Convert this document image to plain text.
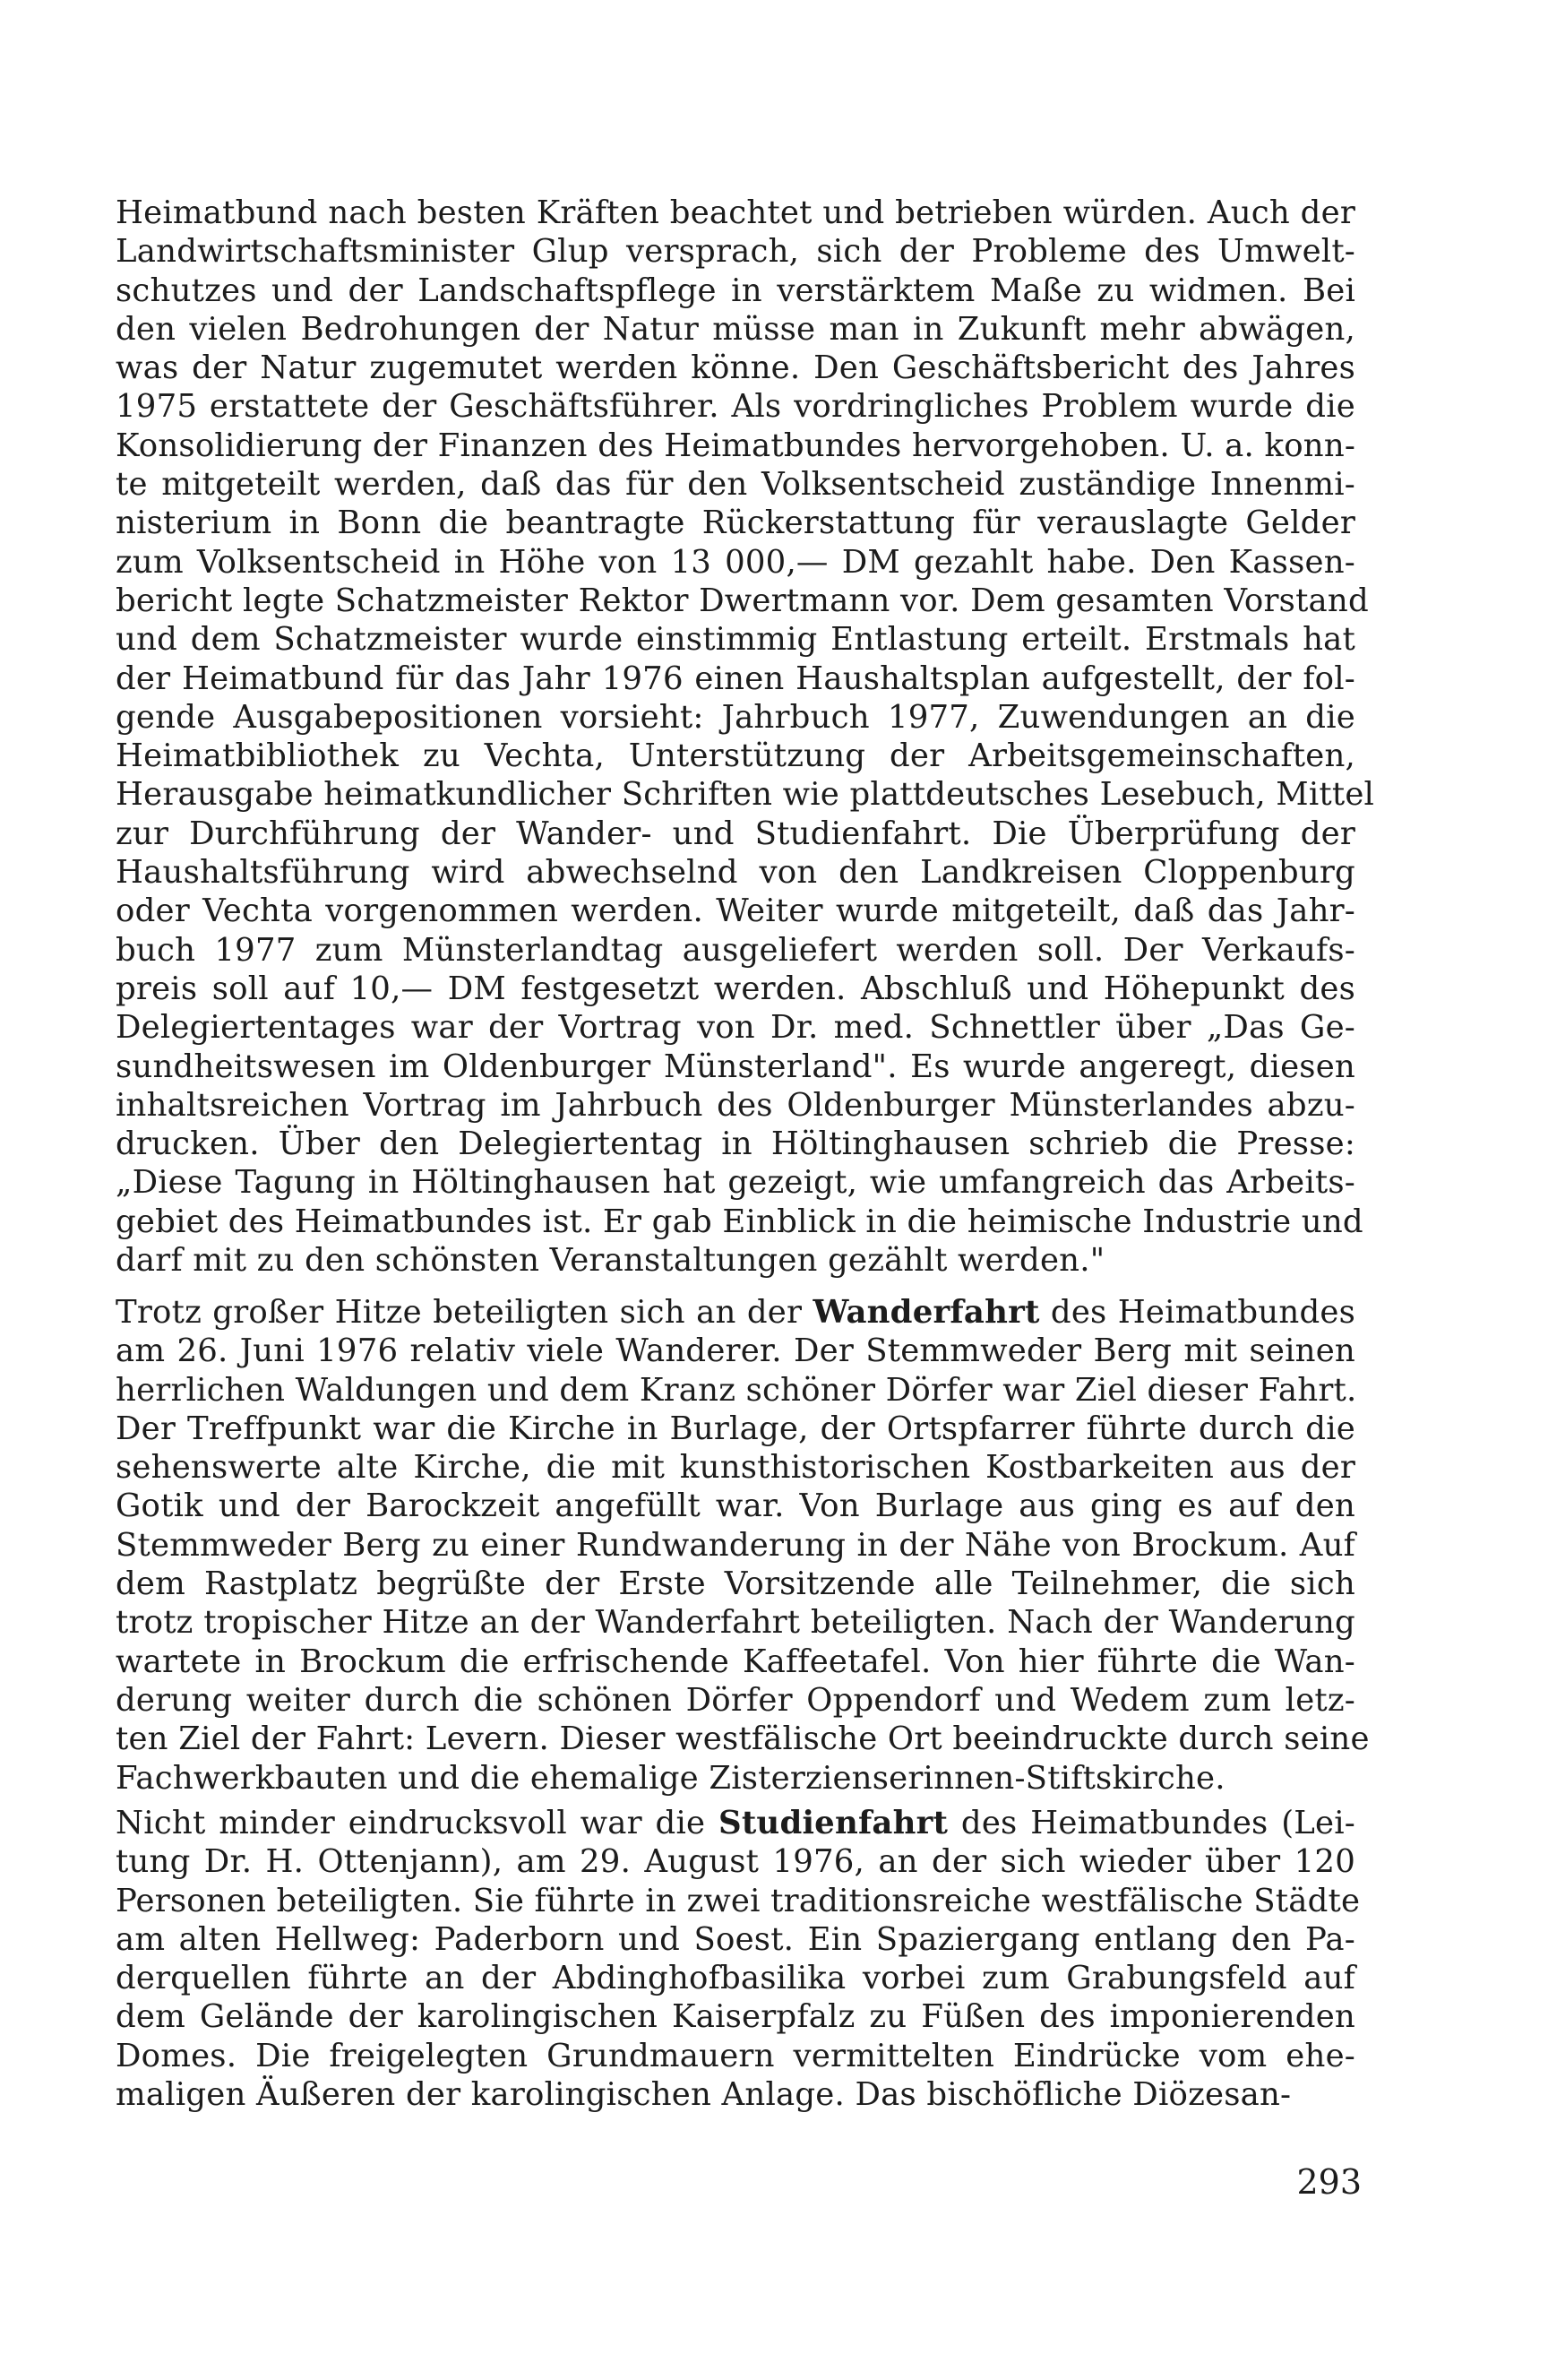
Heimatbund nach besten Kräften beachtet und betrieben würden. Auch der
Landwirtschaftsminister Glup versprach, sich der Probleme des Umwelt-
schutzes und der Landschaftspflege in verstärktem Maße zu widmen. Bei
den vielen Bedrohungen der Natur müsse man in Zukunft mehr abwägen,
was der Natur zugemutet werden könne. Den Geschäftsbericht des Jahres
1975 erstattete der Geschäftsführer. Als vordringliches Problem wurde die
Konsolidierung der Finanzen des Heimatbundes hervorgehoben. U. a. konn-
te mitgeteilt werden, daß das für den Volksentscheid zuständige Innenmi-
nisterium in Bonn die beantragte Rückerstattung für verauslagte Gelder
zum Volksentscheid in Höhe von 13 000,— DM gezahlt habe. Den Kassen-
bericht legte Schatzmeister Rektor Dwertmann vor. Dem gesamten Vorstand
und dem Schatzmeister wurde einstimmig Entlastung erteilt. Erstmals hat
der Heimatbund für das Jahr 1976 einen Haushaltsplan aufgestellt, der fol-
gende Ausgabepositionen vorsieht: Jahrbuch 1977, Zuwendungen an die
Heimatbibliothek zu Vechta, Unterstützung der Arbeitsgemeinschaften,
Herausgabe heimatkundlicher Schriften wie plattdeutsches Lesebuch, Mittel
zur Durchführung der Wander- und Studienfahrt. Die Überprüfung der
Haushaltsführung wird abwechselnd von den Landkreisen Cloppenburg
oder Vechta vorgenommen werden. Weiter wurde mitgeteilt, daß das Jahr-
buch 1977 zum Münsterlandtag ausgeliefert werden soll. Der Verkaufs-
preis soll auf 10,— DM festgesetzt werden. Abschluß und Höhepunkt des
Delegiertentages war der Vortrag von Dr. med. Schnettler über „Das Ge-
sundheitswesen im Oldenburger Münsterland". Es wurde angeregt, diesen
inhaltsreichen Vortrag im Jahrbuch des Oldenburger Münsterlandes abzu-
drucken. Über den Delegiertentag in Höltinghausen schrieb die Presse:
„Diese Tagung in Höltinghausen hat gezeigt, wie umfangreich das Arbeits-
gebiet des Heimatbundes ist. Er gab Einblick in die heimische Industrie und
darf mit zu den schönsten Veranstaltungen gezählt werden."
Trotz großer Hitze beteiligten sich an der Wanderfahrt des Heimatbundes
am 26. Juni 1976 relativ viele Wanderer. Der Stemmweder Berg mit seinen
herrlichen Waldungen und dem Kranz schöner Dörfer war Ziel dieser Fahrt.
Der Treffpunkt war die Kirche in Burlage, der Ortspfarrer führte durch die
sehenswerte alte Kirche, die mit kunsthistorischen Kostbarkeiten aus der
Gotik und der Barockzeit angefüllt war. Von Burlage aus ging es auf den
Stemmweder Berg zu einer Rundwanderung in der Nähe von Brockum. Auf
dem Rastplatz begrüßte der Erste Vorsitzende alle Teilnehmer, die sich
trotz tropischer Hitze an der Wanderfahrt beteiligten. Nach der Wanderung
wartete in Brockum die erfrischende Kaffeetafel. Von hier führte die Wan-
derung weiter durch die schönen Dörfer Oppendorf und Wedem zum letz-
ten Ziel der Fahrt: Levern. Dieser westfälische Ort beeindruckte durch seine
Fachwerkbauten und die ehemalige Zisterzienserinnen-Stiftskirche.
Nicht minder eindrucksvoll war die Studienfahrt des Heimatbundes (Lei-
tung Dr. H. Ottenjann), am 29. August 1976, an der sich wieder über 120
Personen beteiligten. Sie führte in zwei traditionsreiche westfälische Städte
am alten Hellweg: Paderborn und Soest. Ein Spaziergang entlang den Pa-
derquellen führte an der Abdinghofbasilika vorbei zum Grabungsfeld auf
dem Gelände der karolingischen Kaiserpfalz zu Füßen des imponierenden
Domes. Die freigelegten Grundmauern vermittelten Eindrücke vom ehe-
maligen Äußeren der karolingischen Anlage. Das bischöfliche Diözesan-
293
